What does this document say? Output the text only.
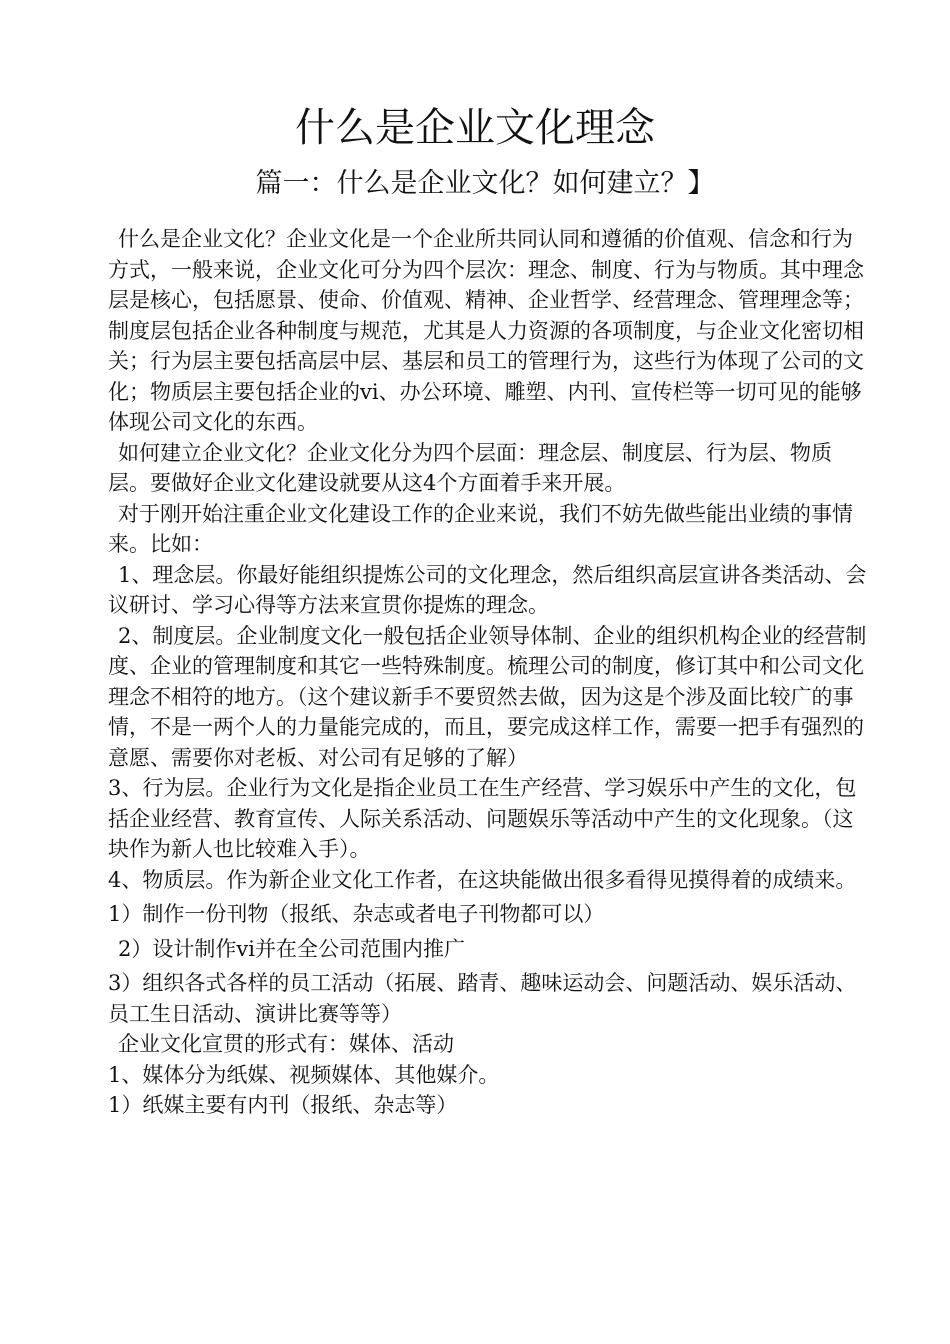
什么是企业文化理念
篇一：什么是企业文化？如何建立？】

什么是企业文化？企业文化是一个企业所共同认同和遵循的价值观、信念和行为方式，一般来说，企业文化可分为四个层次：理念、制度、行为与物质。其中理念层是核心，包括愿景、使命、价值观、精神、企业哲学、经营理念、管理理念等；制度层包括企业各种制度与规范，尤其是人力资源的各项制度，与企业文化密切相关；行为层主要包括高层中层、基层和员工的管理行为，这些行为体现了公司的文化；物质层主要包括企业的vi、办公环境、雕塑、内刊、宣传栏等一切可见的能够体现公司文化的东西。

如何建立企业文化？企业文化分为四个层面：理念层、制度层、行为层、物质层。要做好企业文化建设就要从这4个方面着手来开展。

对于刚开始注重企业文化建设工作的企业来说，我们不妨先做些能出业绩的事情来。比如：

1、理念层。你最好能组织提炼公司的文化理念，然后组织高层宣讲各类活动、会议研讨、学习心得等方法来宣贯你提炼的理念。

2、制度层。企业制度文化一般包括企业领导体制、企业的组织机构企业的经营制度、企业的管理制度和其它一些特殊制度。梳理公司的制度，修订其中和公司文化理念不相符的地方。（这个建议新手不要贸然去做，因为这是个涉及面比较广的事情，不是一两个人的力量能完成的，而且，要完成这样工作，需要一把手有强烈的意愿、需要你对老板、对公司有足够的了解）

3、行为层。企业行为文化是指企业员工在生产经营、学习娱乐中产生的文化，包括企业经营、教育宣传、人际关系活动、问题娱乐等活动中产生的文化现象。（这块作为新人也比较难入手）。

4、物质层。作为新企业文化工作者，在这块能做出很多看得见摸得着的成绩来。

1）制作一份刊物（报纸、杂志或者电子刊物都可以）

2）设计制作vi并在全公司范围内推广

3）组织各式各样的员工活动（拓展、踏青、趣味运动会、问题活动、娱乐活动、员工生日活动、演讲比赛等等）

企业文化宣贯的形式有：媒体、活动

1、媒体分为纸媒、视频媒体、其他媒介。

1）纸媒主要有内刊（报纸、杂志等）
